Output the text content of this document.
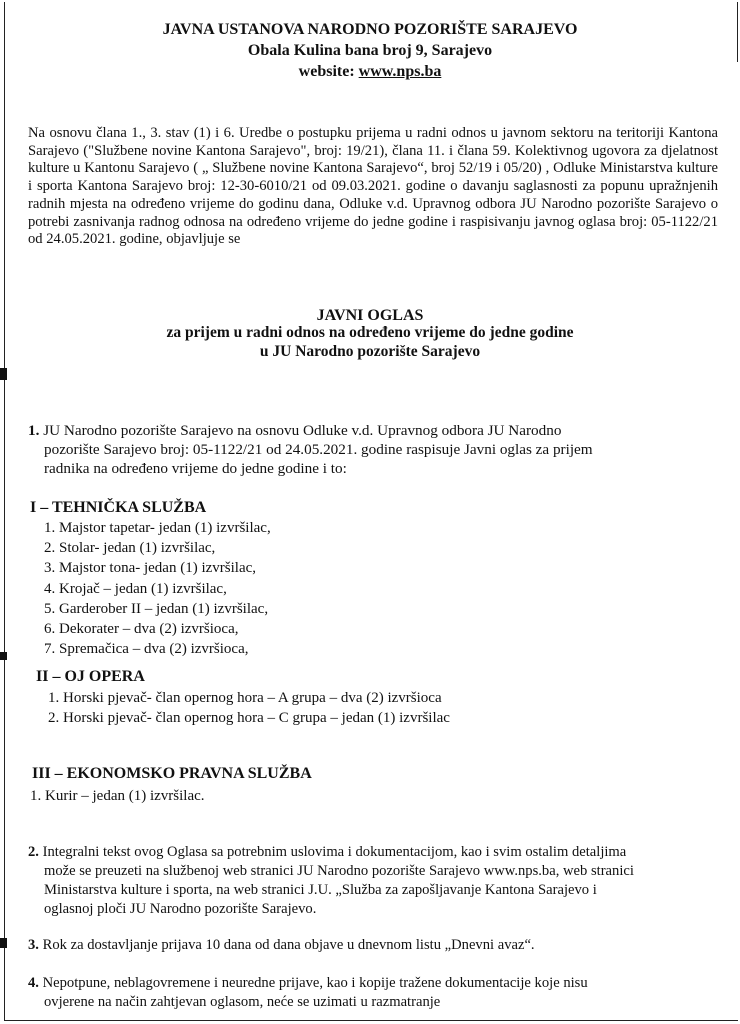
JAVNA USTANOVA NARODNO POZORIŠTE SARAJEVO
Obala Kulina bana broj 9, Sarajevo
website: www.nps.ba
Na osnovu člana 1., 3. stav (1) i 6. Uredbe o postupku prijema u radni odnos u javnom sektoru na teritoriji Kantona Sarajevo ("Službene novine Kantona Sarajevo", broj: 19/21), člana 11. i člana 59. Kolektivnog ugovora za djelatnost kulture u Kantonu Sarajevo ( „ Službene novine Kantona Sarajevo“, broj 52/19 i 05/20) , Odluke Ministarstva kulture i sporta Kantona Sarajevo broj: 12-30-6010/21 od 09.03.2021. godine o davanju saglasnosti za popunu upražnjenih radnih mjesta na određeno vrijeme do godinu dana, Odluke v.d. Upravnog odbora JU Narodno pozorište Sarajevo o potrebi zasnivanja radnog odnosa na određeno vrijeme do jedne godine i raspisivanju javnog oglasa broj: 05-1122/21 od 24.05.2021. godine, objavljuje se
JAVNI OGLAS
za prijem u radni odnos na određeno vrijeme do jedne godine
u JU Narodno pozorište Sarajevo
1. JU Narodno pozorište Sarajevo na osnovu Odluke v.d. Upravnog odbora JU Narodno
pozorište Sarajevo broj: 05-1122/21 od 24.05.2021. godine raspisuje Javni oglas za prijem
radnika na određeno vrijeme do jedne godine i to:
I – TEHNIČKA SLUŽBA
1. Majstor tapetar- jedan (1) izvršilac,
2. Stolar- jedan (1) izvršilac,
3. Majstor tona- jedan (1) izvršilac,
4. Krojač – jedan (1) izvršilac,
5. Garderober II – jedan (1) izvršilac,
6. Dekorater – dva (2) izvršioca,
7. Spremačica – dva (2) izvršioca,
II – OJ OPERA
1. Horski pjevač- član opernog hora – A grupa – dva (2) izvršioca
2. Horski pjevač- član opernog hora – C grupa – jedan (1) izvršilac
III – EKONOMSKO PRAVNA SLUŽBA
1. Kurir – jedan (1) izvršilac.
2. Integralni tekst ovog Oglasa sa potrebnim uslovima i dokumentacijom, kao i svim ostalim detaljima
može se preuzeti na službenoj web stranici JU Narodno pozorište Sarajevo www.nps.ba, web stranici
Ministarstva kulture i sporta, na web stranici J.U. „Služba za zapošljavanje Kantona Sarajevo i
oglasnoj ploči JU Narodno pozorište Sarajevo.
3. Rok za dostavljanje prijava 10 dana od dana objave u dnevnom listu „Dnevni avaz“.
4. Nepotpune, neblagovremene i neuredne prijave, kao i kopije tražene dokumentacije koje nisu
ovjerene na način zahtjevan oglasom, neće se uzimati u razmatranje
